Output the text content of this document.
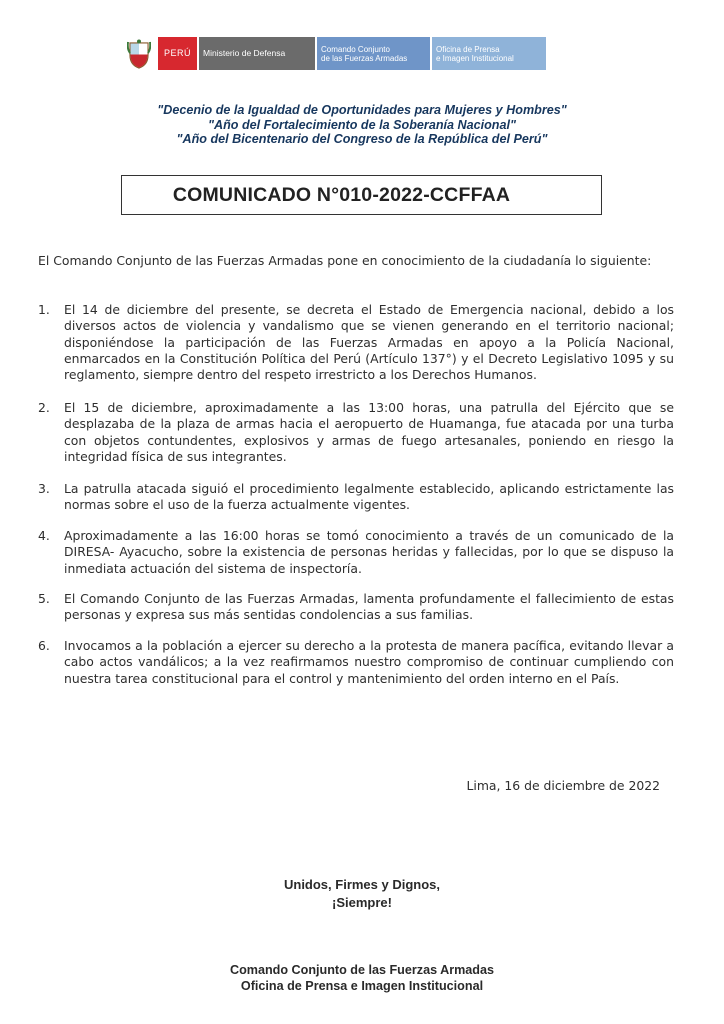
PERÚ	Ministerio de Defensa	Comando Conjunto
de las Fuerzas Armadas
Oficina de Prensa
e Imagen Institucional
"Decenio de la Igualdad de Oportunidades para Mujeres y Hombres"
"Año del Fortalecimiento de la Soberanía Nacional"
"Año del Bicentenario del Congreso de la República del Perú"
COMUNICADO N°010-2022-CCFFAA
El Comando Conjunto de las Fuerzas Armadas pone en conocimiento de la ciudadanía lo siguiente:
1. El 14 de diciembre del presente, se decreta el Estado de Emergencia nacional, debido a los diversos actos de violencia y vandalismo que se vienen generando en el territorio nacional; disponiéndose la participación de las Fuerzas Armadas en apoyo a la Policía Nacional, enmarcados en la Constitución Política del Perú (Artículo 137°) y el Decreto Legislativo 1095 y su reglamento, siempre dentro del respeto irrestricto a los Derechos Humanos.
2. El 15 de diciembre, aproximadamente a las 13:00 horas, una patrulla del Ejército que se desplazaba de la plaza de armas hacia el aeropuerto de Huamanga, fue atacada por una turba con objetos contundentes, explosivos y armas de fuego artesanales, poniendo en riesgo la integridad física de sus integrantes.
3. La patrulla atacada siguió el procedimiento legalmente establecido, aplicando estrictamente las normas sobre el uso de la fuerza actualmente vigentes.
4. Aproximadamente a las 16:00 horas se tomó conocimiento a través de un comunicado de la DIRESA- Ayacucho, sobre la existencia de personas heridas y fallecidas, por lo que se dispuso la inmediata actuación del sistema de inspectoría.
5. El Comando Conjunto de las Fuerzas Armadas, lamenta profundamente el fallecimiento de estas personas y expresa sus más sentidas condolencias a sus familias.
6. Invocamos a la población a ejercer su derecho a la protesta de manera pacífica, evitando llevar a cabo actos vandálicos; a la vez reafirmamos nuestro compromiso de continuar cumpliendo con nuestra tarea constitucional para el control y mantenimiento del orden interno en el País.
Lima, 16 de diciembre de 2022
Unidos, Firmes y Dignos,
¡Siempre!
Comando Conjunto de las Fuerzas Armadas
Oficina de Prensa e Imagen Institucional
